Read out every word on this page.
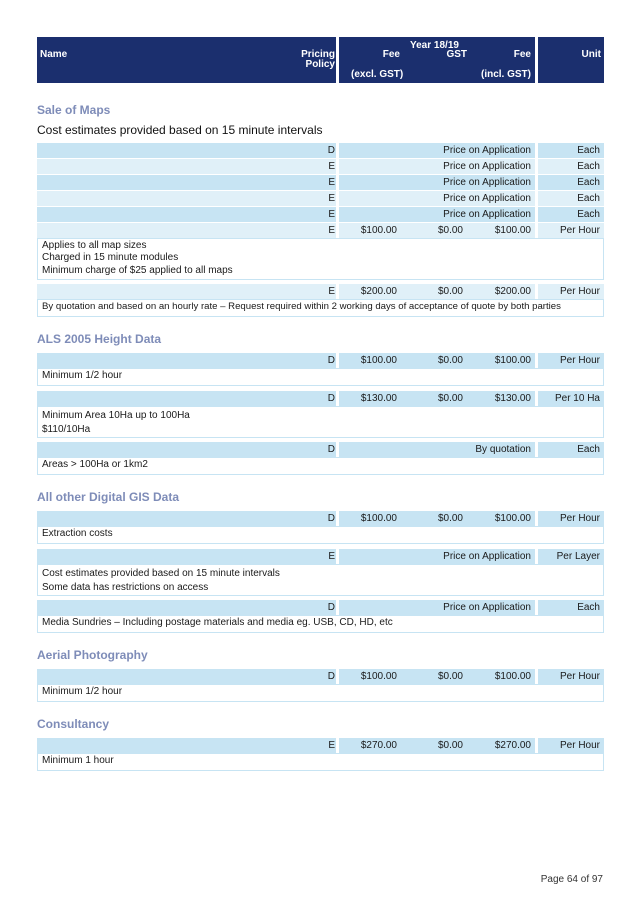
Name	Pricing
Policy
Year 18/19
Fee	GST	Fee
(excl. GST)	(incl. GST)
Unit
Sale of Maps
Cost estimates provided based on 15 minute intervals
D	Price on Application	Each
E	Price on Application	Each
E	Price on Application	Each
E	Price on Application	Each
E	Price on Application	Each
E	$100.00	$0.00	$100.00	Per Hour
Applies to all map sizes
Charged in 15 minute modules
Minimum charge of $25 applied to all maps
E	$200.00	$0.00	$200.00	Per Hour
By quotation and based on an hourly rate – Request required within 2 working days of acceptance of quote by both parties
ALS 2005 Height Data
D	$100.00	$0.00	$100.00	Per Hour
Minimum 1/2 hour
D	$130.00	$0.00	$130.00	Per 10 Ha
Minimum Area 10Ha up to 100Ha
$110/10Ha
D	By quotation	Each
Areas > 100Ha or 1km2
All other Digital GIS Data
D	$100.00	$0.00	$100.00	Per Hour
Extraction costs
E	Price on Application	Per Layer
Cost estimates provided based on 15 minute intervals
Some data has restrictions on access
D	Price on Application	Each
Media Sundries – Including postage materials and media eg. USB, CD, HD, etc
Aerial Photography
D	$100.00	$0.00	$100.00	Per Hour
Minimum 1/2 hour
Consultancy
E	$270.00	$0.00	$270.00	Per Hour
Minimum 1 hour
Page 64 of 97
